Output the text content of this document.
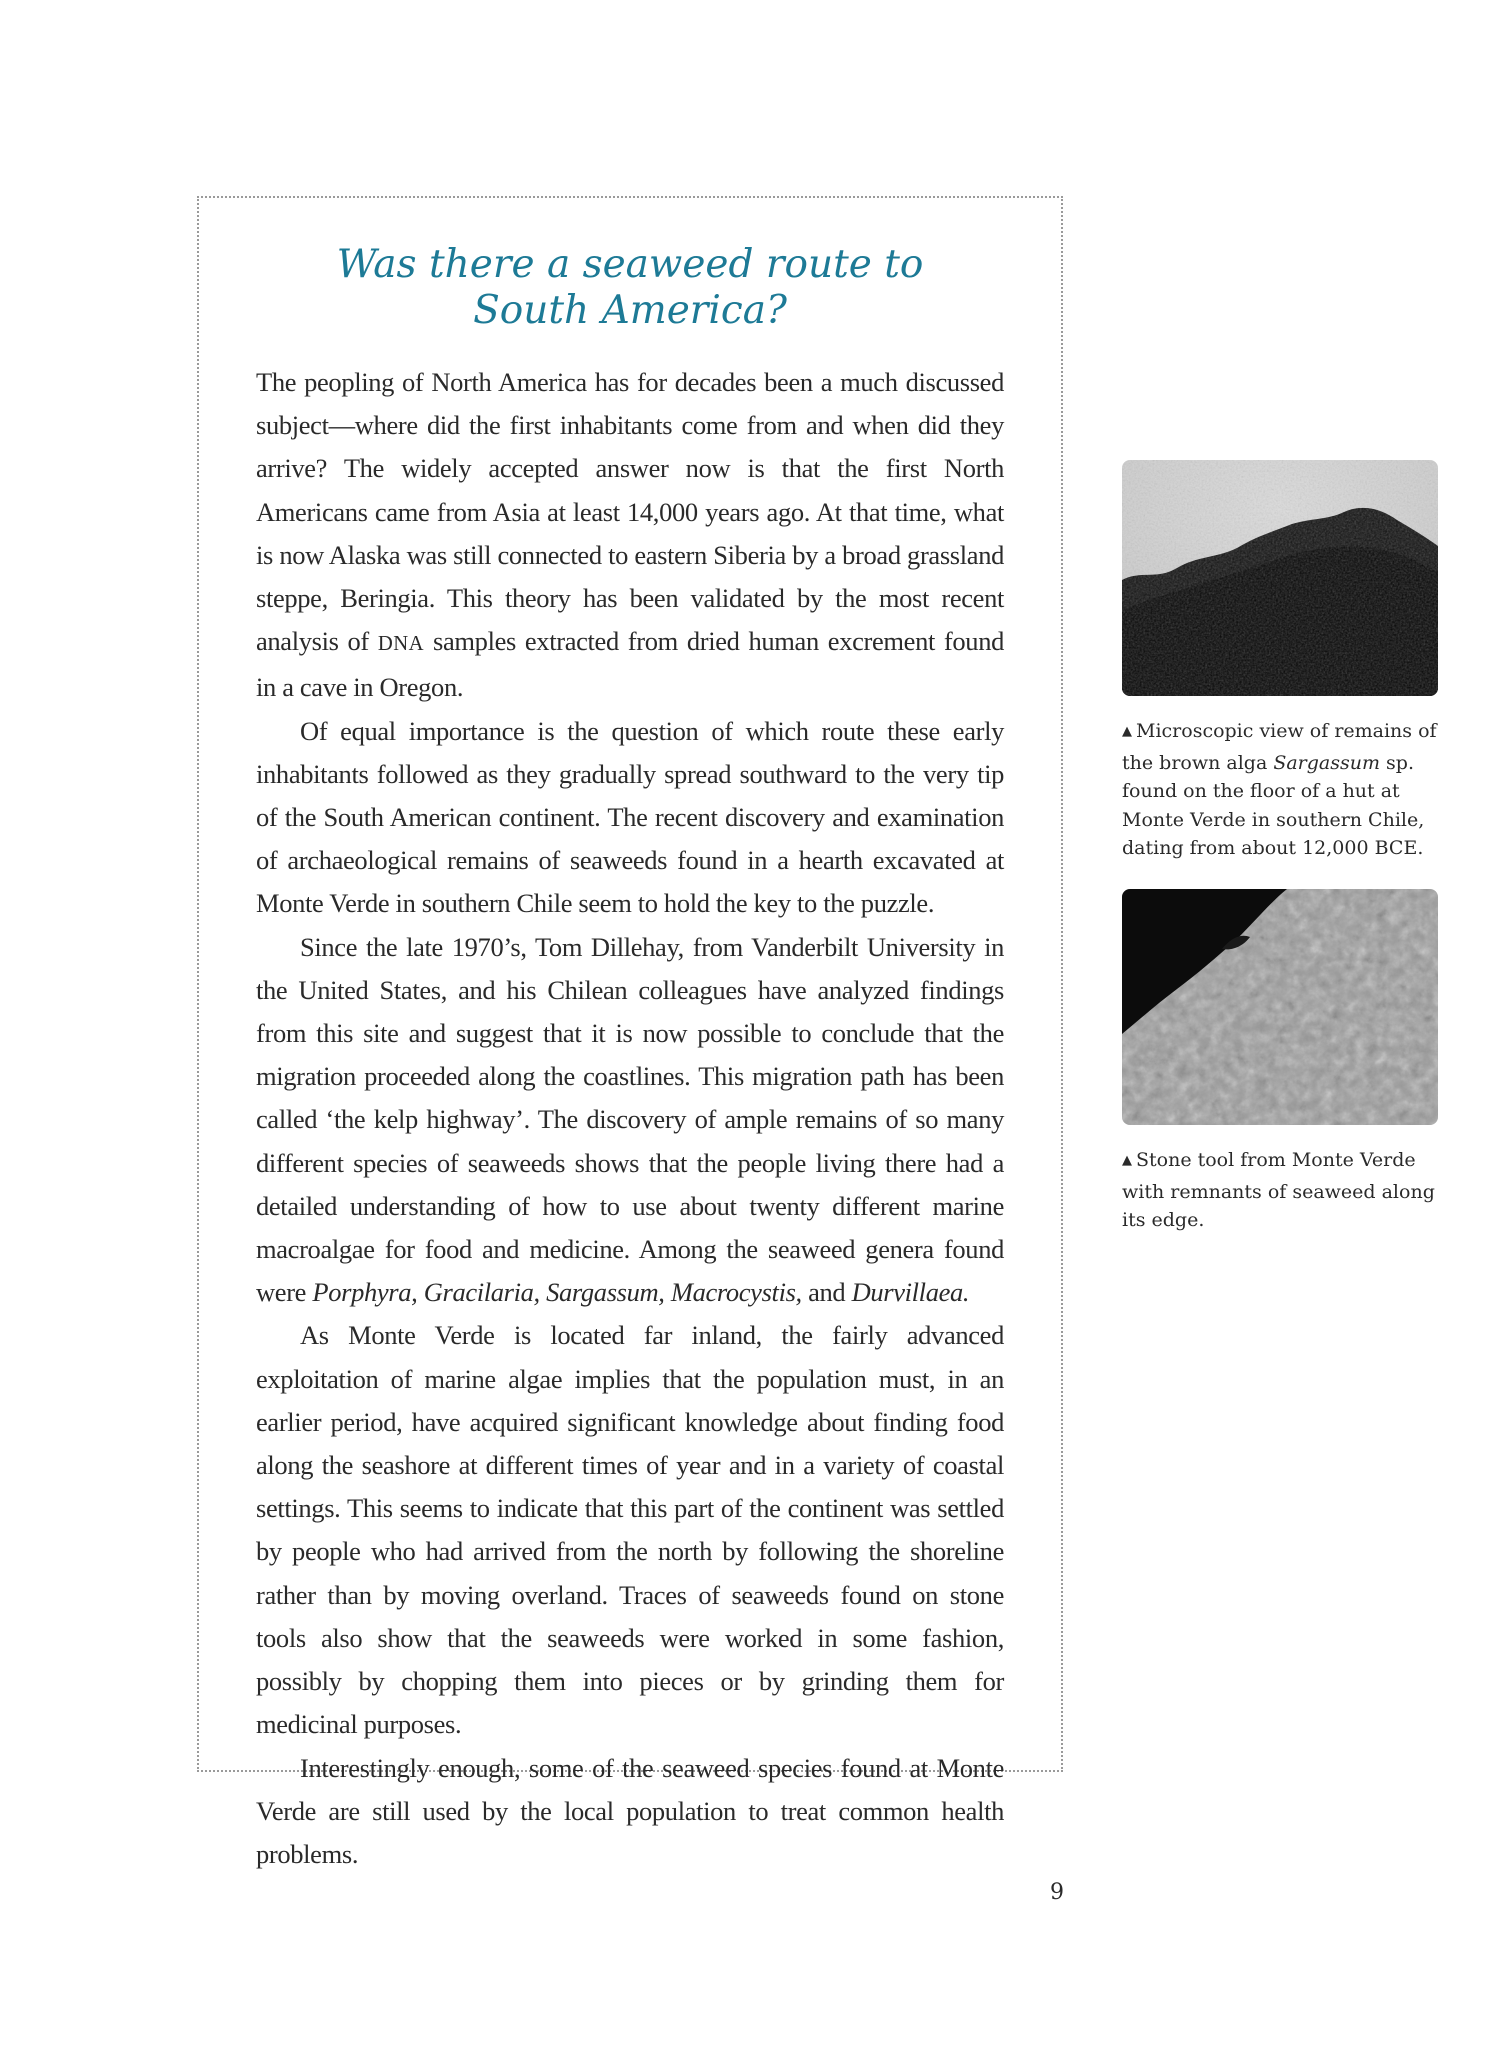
Was there a seaweed route to
South America?

The peopling of North America has for decades been a much discussed subject—where did the first inhabitants come from and when did they arrive? The widely accepted answer now is that the first North Americans came from Asia at least 14,000 years ago. At that time, what is now Alaska was still connected to eastern Siberia by a broad grassland steppe, Beringia. This theory has been validated by the most recent analysis of DNA samples extracted from dried human excrement found in a cave in Oregon.

Of equal importance is the question of which route these early inhabitants followed as they gradually spread southward to the very tip of the South American continent. The recent discovery and examination of archaeological remains of seaweeds found in a hearth excavated at Monte Verde in southern Chile seem to hold the key to the puzzle.

Since the late 1970’s, Tom Dillehay, from Vanderbilt University in the United States, and his Chilean colleagues have analyzed findings from this site and suggest that it is now possible to conclude that the migration proceeded along the coastlines. This migration path has been called ‘the kelp highway’. The discovery of ample remains of so many different species of seaweeds shows that the people living there had a detailed understanding of how to use about twenty different marine macroalgae for food and medicine. Among the seaweed genera found were Porphyra, Gracilaria, Sargassum, Macrocystis, and Durvillaea.

As Monte Verde is located far inland, the fairly advanced exploitation of marine algae implies that the population must, in an earlier period, have acquired significant knowledge about finding food along the seashore at different times of year and in a variety of coastal settings. This seems to indicate that this part of the continent was settled by people who had arrived from the north by following the shoreline rather than by moving overland. Traces of seaweeds found on stone tools also show that the seaweeds were worked in some fashion, possibly by chopping them into pieces or by grinding them for medicinal purposes.

Interestingly enough, some of the seaweed species found at Monte Verde are still used by the local population to treat common health problems.

▲ Microscopic view of remains of the brown alga Sargassum sp. found on the floor of a hut at Monte Verde in southern Chile, dating from about 12,000 BCE.
▲ Stone tool from Monte Verde with remnants of seaweed along its edge.
9
